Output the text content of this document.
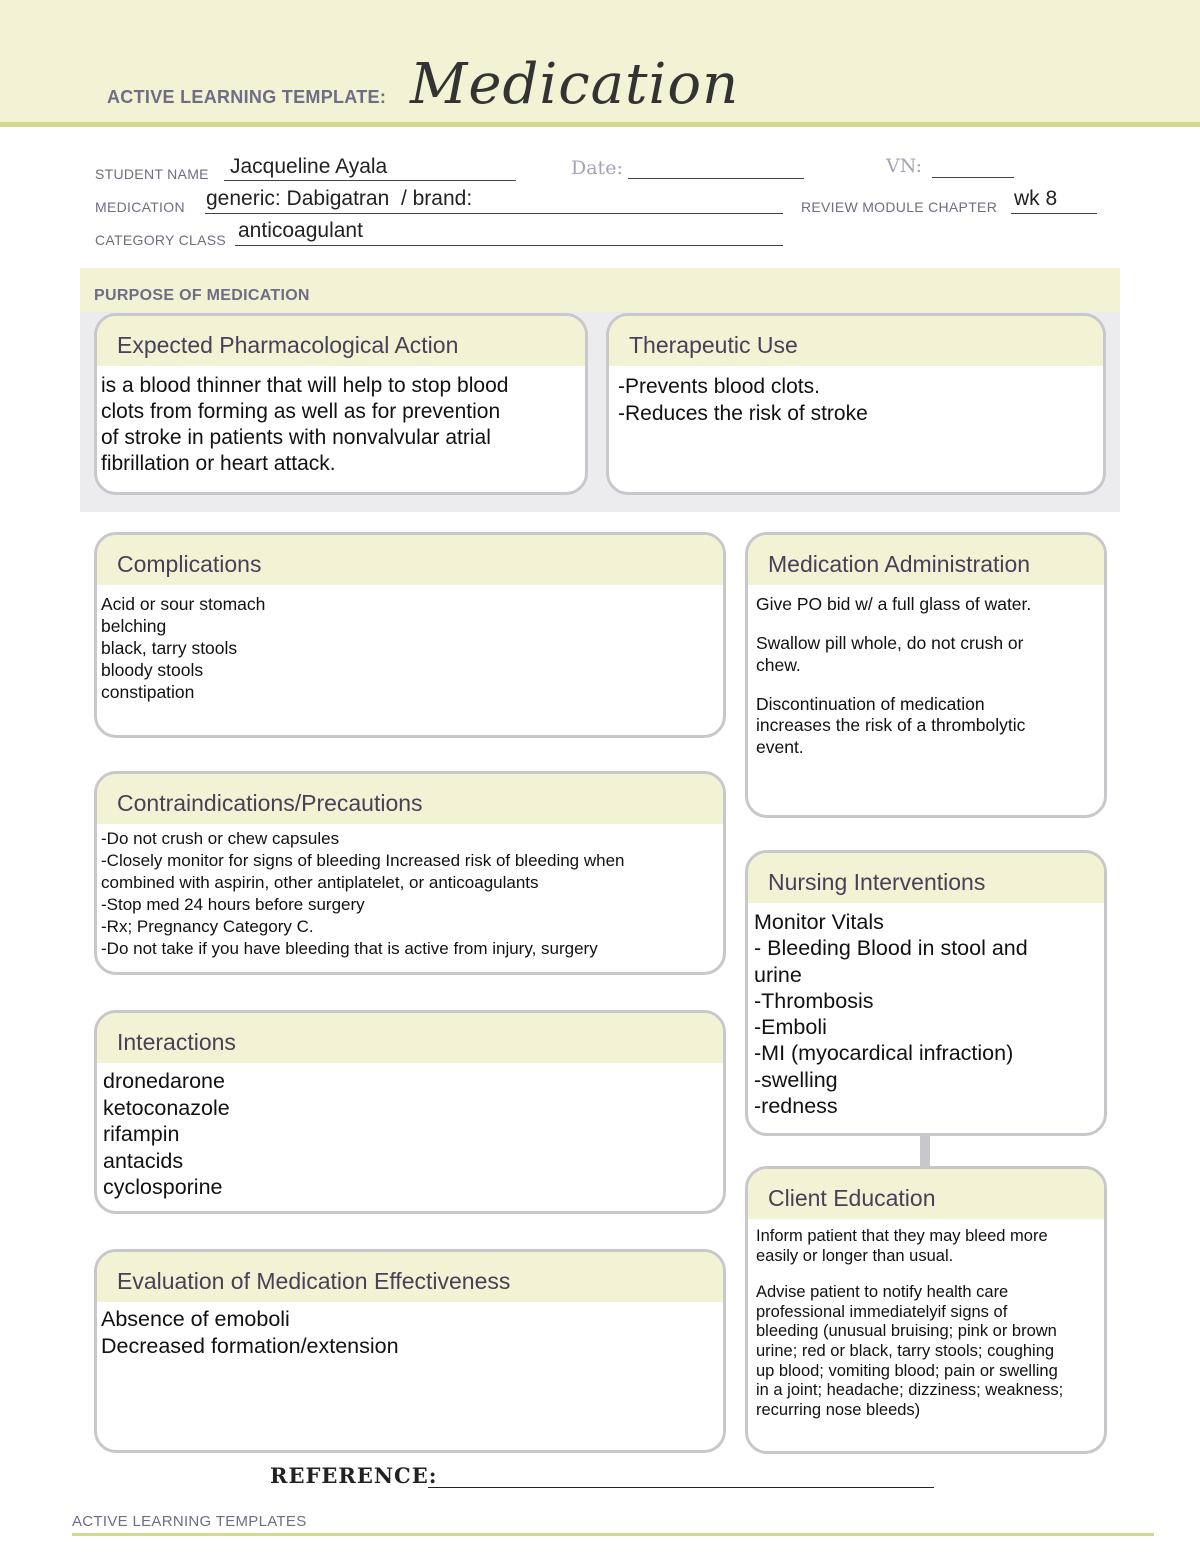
ACTIVE LEARNING TEMPLATE: Medication
STUDENT NAME Jacqueline Ayala	Date:	VN:
MEDICATION generic: Dabigatran  / brand:	REVIEW MODULE CHAPTER wk 8
CATEGORY CLASS anticoagulant
PURPOSE OF MEDICATION
Expected Pharmacological Action
is a blood thinner that will help to stop blood
clots from forming as well as for prevention
of stroke in patients with nonvalvular atrial
fibrillation or heart attack.
Therapeutic Use
-Prevents blood clots.
-Reduces the risk of stroke
Complications
Acid or sour stomach
belching
black, tarry stools
bloody stools
constipation
Contraindications/Precautions
-Do not crush or chew capsules
-Closely monitor for signs of bleeding Increased risk of bleeding when
combined with aspirin, other antiplatelet, or anticoagulants
-Stop med 24 hours before surgery
-Rx; Pregnancy Category C.
-Do not take if you have bleeding that is active from injury, surgery
Interactions
dronedarone
ketoconazole
rifampin
antacids
cyclosporine
Evaluation of Medication Effectiveness
Absence of emoboli
Decreased formation/extension
Medication Administration
Give PO bid w/ a full glass of water.
Swallow pill whole, do not crush or
chew.
Discontinuation of medication
increases the risk of a thrombolytic
event.
Nursing Interventions
Monitor Vitals
- Bleeding Blood in stool and
urine
-Thrombosis
-Emboli
-MI (myocardical infraction)
-swelling
-redness
Client Education
Inform patient that they may bleed more
easily or longer than usual.
Advise patient to notify health care
professional immediatelyif signs of
bleeding (unusual bruising; pink or brown
urine; red or black, tarry stools; coughing
up blood; vomiting blood; pain or swelling
in a joint; headache; dizziness; weakness;
recurring nose bleeds)
REFERENCE:
ACTIVE LEARNING TEMPLATES
